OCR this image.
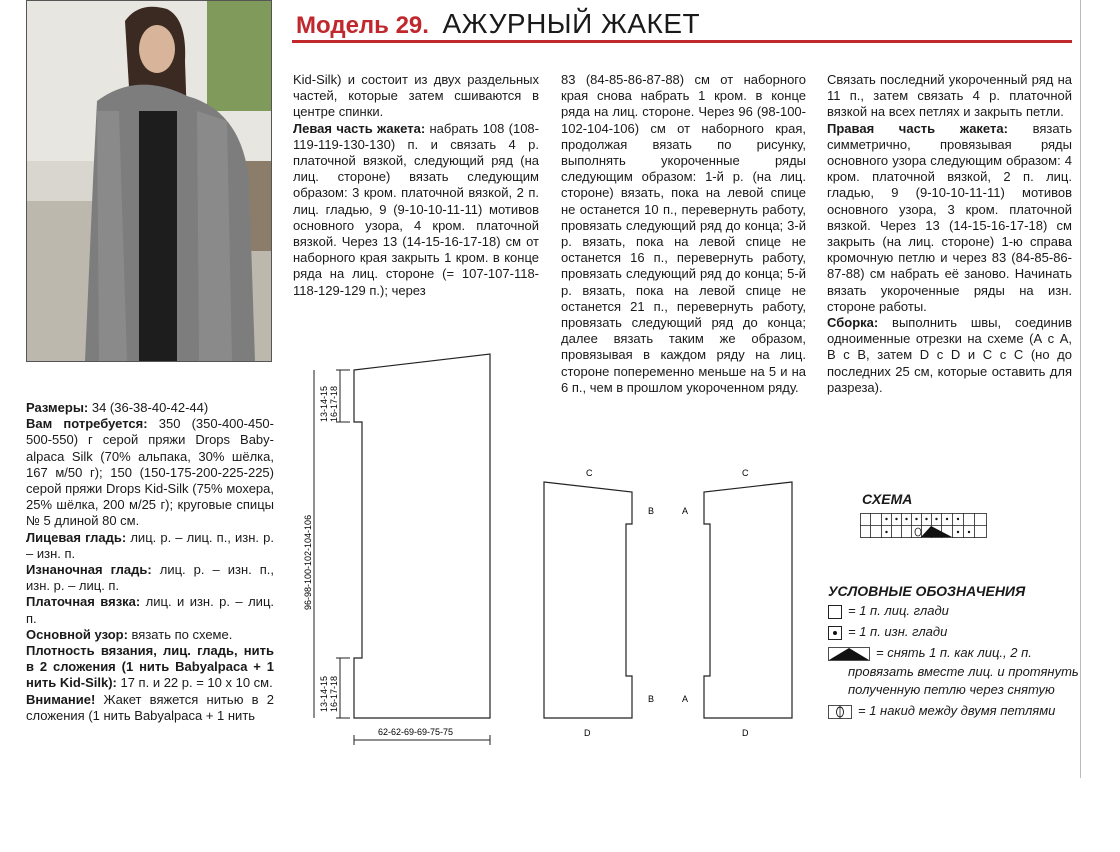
Модель 29. АЖУРНЫЙ ЖАКЕТ

Размеры: 34 (36-38-40-42-44)

Вам потребуется: 350 (350-400-450-500-550) г серой пряжи Drops Baby-alpaca Silk (70% альпака, 30% шёлка, 167 м/50 г); 150 (150-175-200-225-225) серой пряжи Drops Kid-Silk (75% мохера, 25% шёлка, 200 м/25 г); круговые спицы № 5 длиной 80 см.

Лицевая гладь: лиц. р. – лиц. п., изн. р. – изн. п.

Изнаночная гладь: лиц. р. – изн. п., изн. р. – лиц. п.

Платочная вязка: лиц. и изн. р. – лиц. п.

Основной узор: вязать по схеме.

Плотность вязания, лиц. гладь, нить в 2 сложения (1 нить Babyalpaca + 1 нить Kid-Silk): 17 п. и 22 р. = 10 х 10 см.

Внимание! Жакет вяжется нитью в 2 сложения (1 нить Babyalpaca + 1 нить

Kid-Silk) и состоит из двух раздельных частей, которые затем сшиваются в центре спинки.

Левая часть жакета: набрать 108 (108-119-119-130-130) п. и связать 4 р. платочной вязкой, следующий ряд (на лиц. стороне) вязать следующим образом: 3 кром. платочной вязкой, 2 п. лиц. гладью, 9 (9-10-10-11-11) мотивов основного узора, 4 кром. платочной вязкой. Через 13 (14-15-16-17-18) см от наборного края закрыть 1 кром. в конце ряда на лиц. стороне (= 107-107-118-118-129-129 п.); через

83 (84-85-86-87-88) см от наборного края снова набрать 1 кром. в конце ряда на лиц. стороне. Через 96 (98-100-102-104-106) см от наборного края, продолжая вязать по рисунку, выполнять укороченные ряды следующим образом: 1-й р. (на лиц. стороне) вязать, пока на левой спице не останется 10 п., перевернуть работу, провязать следующий ряд до конца; 3-й р. вязать, пока на левой спице не останется 16 п., перевернуть работу, провязать следующий ряд до конца; 5-й р. вязать, пока на левой спице не останется 21 п., перевернуть работу, провязать следующий ряд до конца; далее вязать таким же образом, провязывая в каждом ряду на лиц. стороне попеременно меньше на 5 и на 6 п., чем в прошлом укороченном ряду.

Связать последний укороченный ряд на 11 п., затем связать 4 р. платочной вязкой на всех петлях и закрыть петли.

Правая часть жакета: вязать симметрично, провязывая ряды основного узора следующим образом: 4 кром. платочной вязкой, 2 п. лиц. гладью, 9 (9-10-10-11-11) мотивов основного узора, 3 кром. платочной вязкой. Через 13 (14-15-16-17-18) см закрыть (на лиц. стороне) 1-ю справа кромочную петлю и через 83 (84-85-86-87-88) см набрать её заново. Начинать вязать укороченные ряды на изн. стороне работы.

Сборка: выполнить швы, соединив одноименные отрезки на схеме (А с А, В с В, затем D с D и С с С (но до последних 25 см, которые оставить для разреза).

13-14-15 16-17-18
96-98-100-102-104-106
13-14-15 16-17-18
62-62-69-69-75-75
C	C
B	A
B	A
D	D
СХЕМА
УСЛОВНЫЕ ОБОЗНАЧЕНИЯ
= 1 п. лиц. глади
= 1 п. изн. глади
= снять 1 п. как лиц., 2 п.
провязать вместе лиц. и протянуть
полученную петлю через снятую
= 1 накид между двумя петлями
